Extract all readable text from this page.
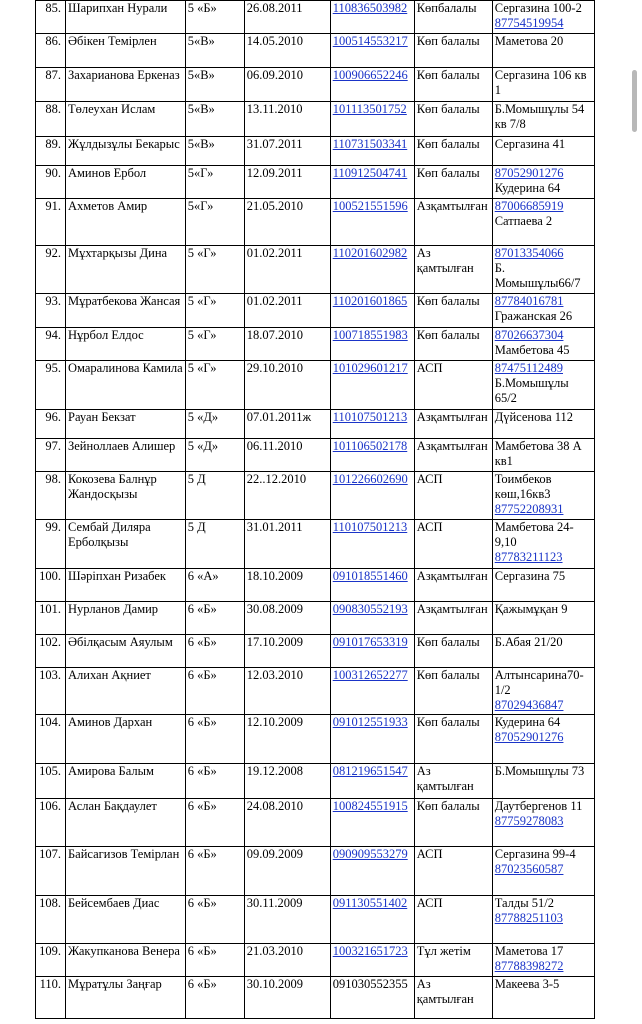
85.	Шарипхан Нурали	5 «Б»	26.08.2011	110836503982	Көпбалалы	Сергазина 100-2
87754519954

86.	Әбікен Темірлен	5«В»	14.05.2010	100514553217	Көп балалы	Маметова 20

87.	Захарианова Еркеназ	5«В»	06.09.2010	100906652246	Көп балалы	Сергазина 106 кв 1

88.	Төлеухан Ислам	5«В»	13.11.2010	101113501752	Көп балалы	Б.Момышұлы 54 кв 7/8

89.	Жұлдызұлы Бекарыс	5«В»	31.07.2011	110731503341	Көп балалы	Сергазина 41

90.	Аминов Ербол	5«Г»	12.09.2011	110912504741	Көп балалы	87052901276
Кудерина 64

91.	Ахметов Амир	5«Г»	21.05.2010	100521551596	Азқамтылған	87006685919
Сатпаева 2

92.	Мұхтарқызы Дина	5 «Г»	01.02.2011	110201602982	Аз қамтылған	87013354066
Б. Момышұлы66/7

93.	Мұратбекова Жансая	5 «Г»	01.02.2011	110201601865	Көп балалы	87784016781
Гражанская 26

94.	Нұрбол Елдос	5 «Г»	18.07.2010	100718551983	Көп балалы	87026637304
Мамбетова 45

95.	Омаралинова Камила	5 «Г»	29.10.2010	101029601217	АСП	87475112489
Б.Момышұлы 65/2

96.	Рауан Бекзат	5 «Д»	07.01.2011ж	110107501213	Азқамтылған	Дүйсенова 112

97.	Зейноллаев Алишер	5 «Д»	06.11.2010	101106502178	Азқамтылған	Мамбетова 38 А кв1

98.	Кокозева Балнұр Жандосқызы	5 Д	22..12.2010	101226602690	АСП	Тоимбеков көш,16кв3
87752208931

99.	Сембай Диляра Ерболқызы	5 Д	31.01.2011	110107501213	АСП	Мамбетова 24-9,10
87783211123

100.	Шәріпхан Ризабек	6 «А»	18.10.2009	091018551460	Азқамтылған	Сергазина 75

101.	Нурланов Дамир	6 «Б»	30.08.2009	090830552193	Азқамтылған	Қажымұқан 9

102.	Әбілқасым Аяулым	6 «Б»	17.10.2009	091017653319	Көп балалы	Б.Абая 21/20

103.	Алихан Ақниет	6 «Б»	12.03.2010	100312652277	Көп балалы	Алтынсарина70-1/2
87029436847

104.	Аминов Дархан	6 «Б»	12.10.2009	091012551933	Көп балалы	Кудерина 64
87052901276

105.	Амирова Балым	6 «Б»	19.12.2008	081219651547	Аз қамтылған	Б.Момышұлы 73

106.	Аслан Бақдаулет	6 «Б»	24.08.2010	100824551915	Көп балалы	Даутбергенов 11
87759278083

107.	Байсагизов Темірлан	6 «Б»	09.09.2009	090909553279	АСП	Сергазина 99-4
87023560587

108.	Бейсембаев Диас	6 «Б»	30.11.2009	091130551402	АСП	Талды 51/2
87788251103

109.	Жакупканова Венера	6 «Б»	21.03.2010	100321651723	Тұл жетім	Маметова 17
87788398272

110.	Мұратұлы Заңғар	6 «Б»	30.10.2009	091030552355	Аз қамтылған	Макеева 3-5
